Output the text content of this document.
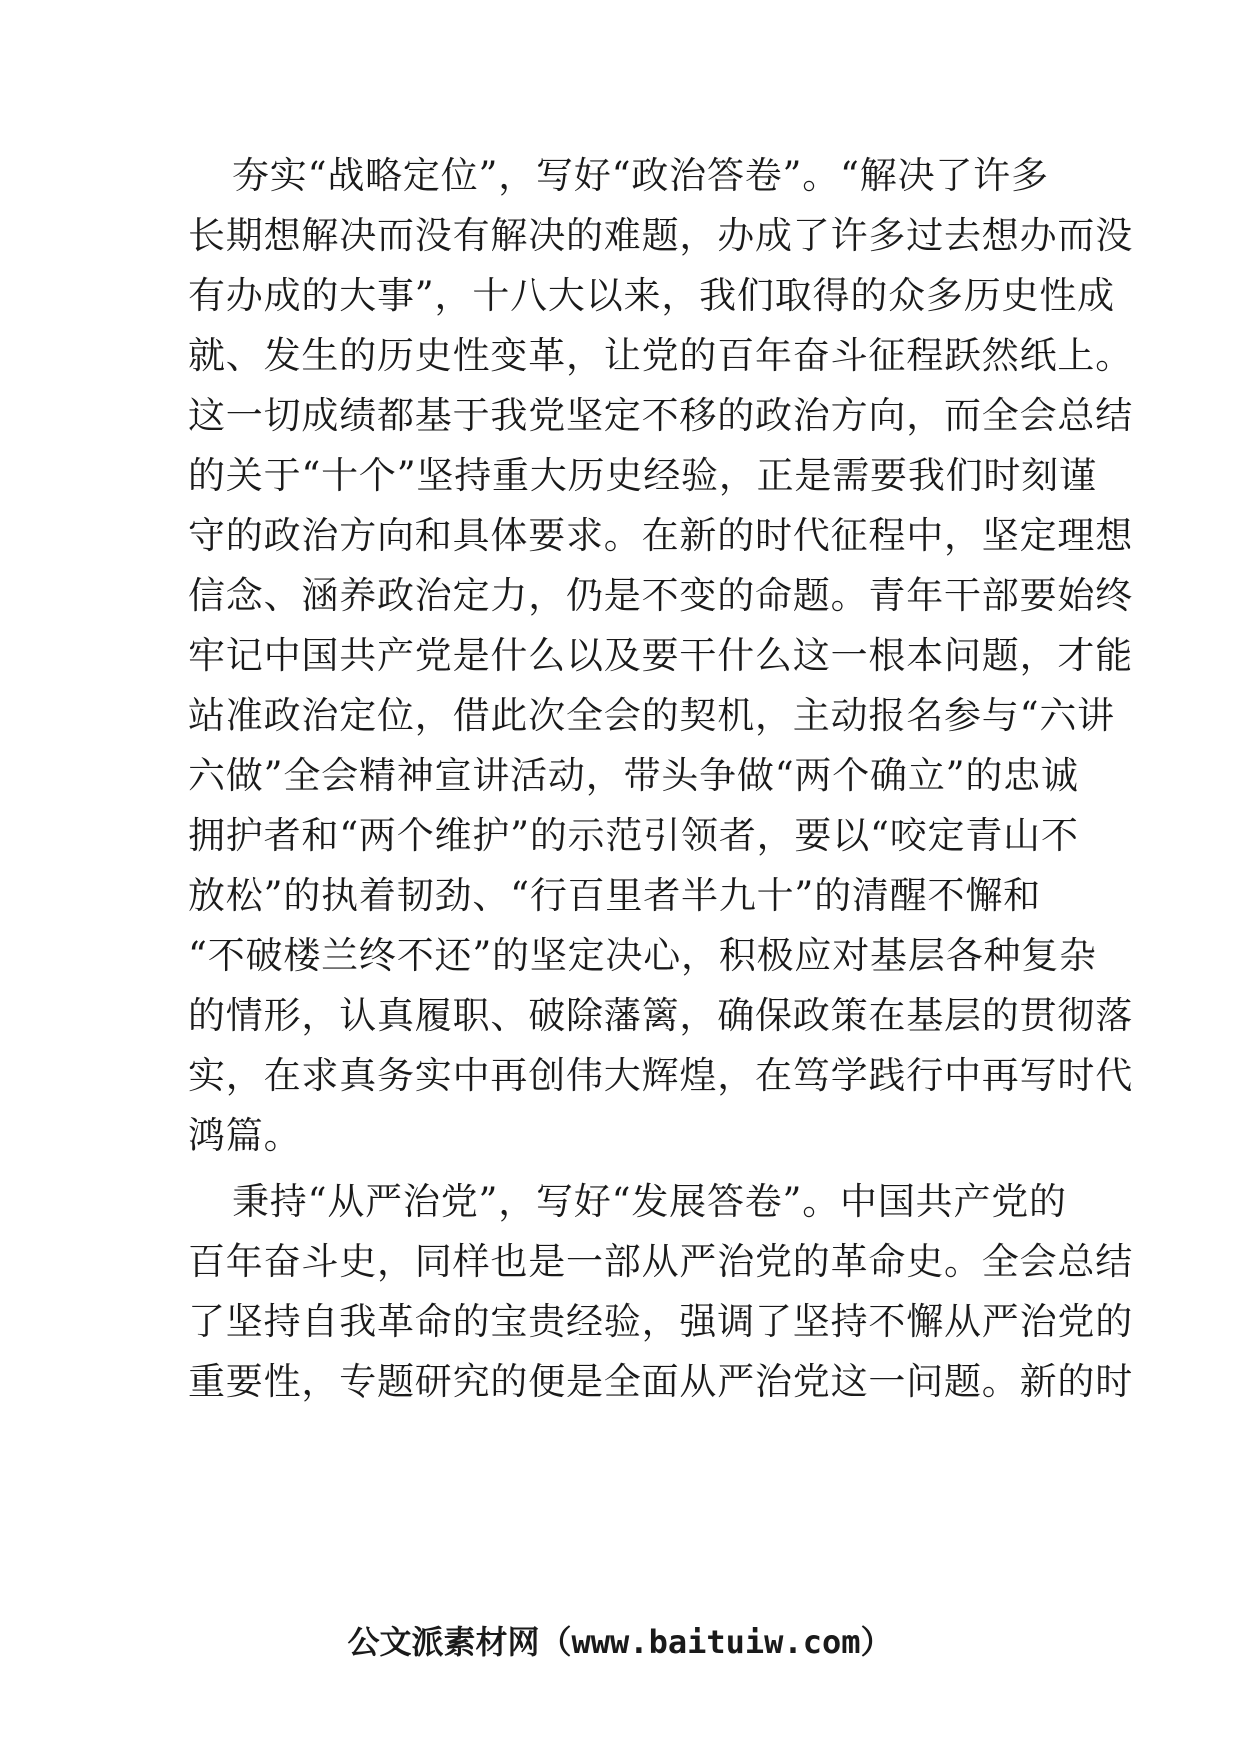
夯实“战略定位”，写好“政治答卷”。“解决了许多
长期想解决而没有解决的难题，办成了许多过去想办而没
有办成的大事”，十八大以来，我们取得的众多历史性成
就、发生的历史性变革，让党的百年奋斗征程跃然纸上。
这一切成绩都基于我党坚定不移的政治方向，而全会总结
的关于“十个”坚持重大历史经验，正是需要我们时刻谨
守的政治方向和具体要求。在新的时代征程中，坚定理想
信念、涵养政治定力，仍是不变的命题。青年干部要始终
牢记中国共产党是什么以及要干什么这一根本问题，才能
站准政治定位，借此次全会的契机，主动报名参与“六讲
六做”全会精神宣讲活动，带头争做“两个确立”的忠诚
拥护者和“两个维护”的示范引领者，要以“咬定青山不
放松”的执着韧劲、“行百里者半九十”的清醒不懈和
“不破楼兰终不还”的坚定决心，积极应对基层各种复杂
的情形，认真履职、破除藩篱，确保政策在基层的贯彻落
实，在求真务实中再创伟大辉煌，在笃学践行中再写时代
鸿篇。
秉持“从严治党”，写好“发展答卷”。中国共产党的
百年奋斗史，同样也是一部从严治党的革命史。全会总结
了坚持自我革命的宝贵经验，强调了坚持不懈从严治党的
重要性，专题研究的便是全面从严治党这一问题。新的时
公文派素材网（www.baituiw.com）
